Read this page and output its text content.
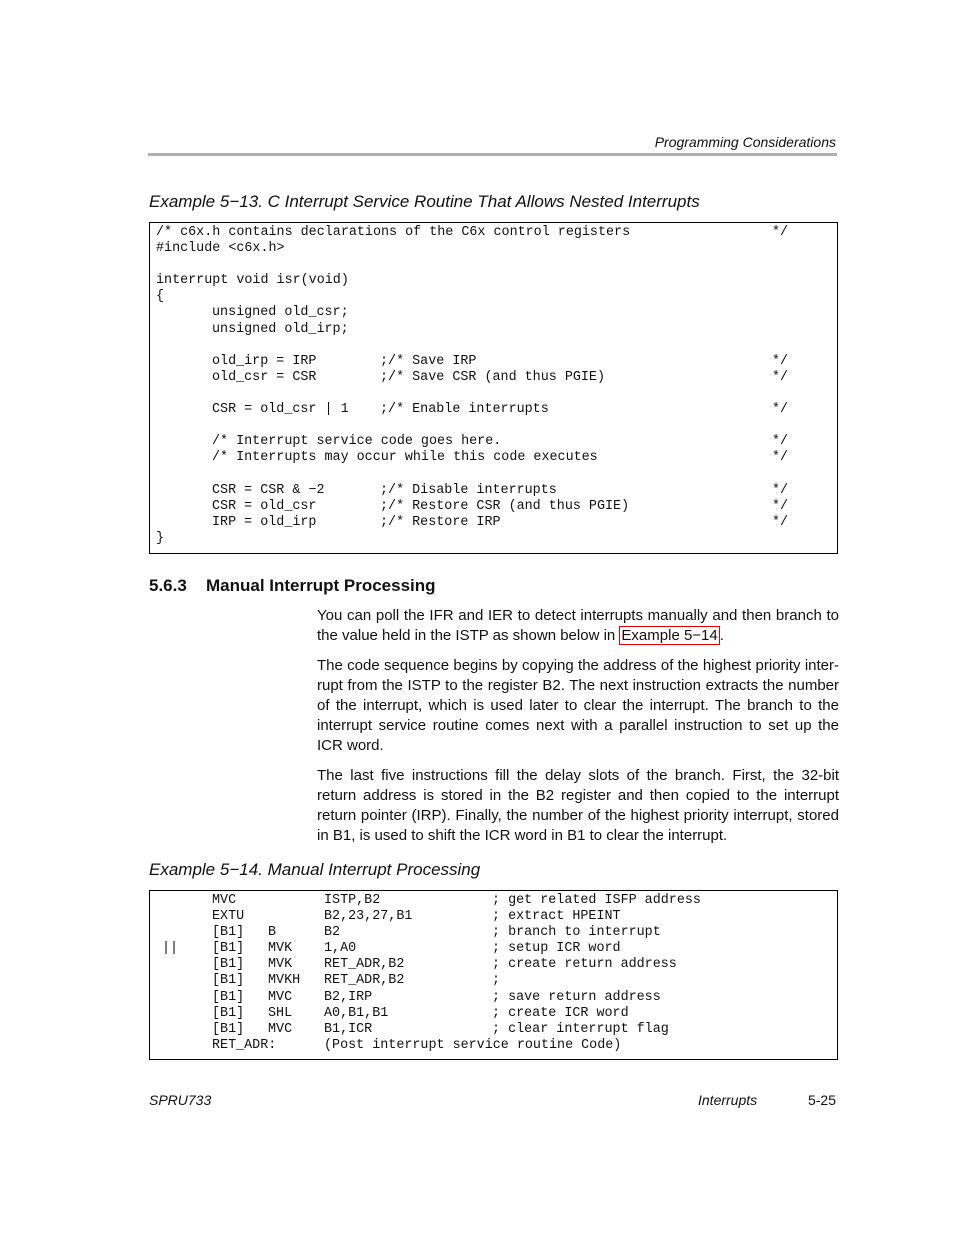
Programming Considerations
Example 5−13. C Interrupt Service Routine That Allows Nested Interrupts
/* c6x.h contains declarations of the C6x control registers	*/
#include <c6x.h>
interrupt void isr(void)
{
unsigned old_csr;
unsigned old_irp;
old_irp = IRP	;/* Save IRP	*/
old_csr = CSR	;/* Save CSR (and thus PGIE)	*/
CSR = old_csr | 1 ;/* Enable interrupts	*/
/* Interrupt service code goes here.	*/
/* Interrupts may occur while this code executes	*/
CSR = CSR & −2	;/* Disable interrupts	*/
CSR = old_csr	;/* Restore CSR (and thus PGIE)	*/
IRP = old_irp	;/* Restore IRP	*/
}
5.6.3 Manual Interrupt Processing

You can poll the IFR and IER to detect interrupts manually and then branch to the value held in the ISTP as shown below in Example 5−14 .

The code sequence begins by copying the address of the highest priority inter-rupt from the ISTP to the register B2. The next instruction extracts the number of the interrupt, which is used later to clear the interrupt. The branch to the interrupt service routine comes next with a parallel instruction to set up the ICR word.

The last five instructions fill the delay slots of the branch. First, the 32-bit return address is stored in the B2 register and then copied to the interrupt return pointer (IRP). Finally, the number of the highest priority interrupt, stored in B1, is used to shift the ICR word in B1 to clear the interrupt.

Example 5−14. Manual Interrupt Processing
MVC	ISTP,B2	; get related ISFP address
EXTU	B2,23,27,B1	; extract HPEINT
[B1] B	B2	; branch to interrupt
||	[B1] MVK 1,A0	; setup ICR word
[B1] MVK RET_ADR,B2	; create return address
[B1] MVKH RET_ADR,B2	;
[B1] MVC B2,IRP	; save return address
[B1] SHL A0,B1,B1	; create ICR word
[B1] MVC B1,ICR	; clear interrupt flag
RET_ADR:	(Post interrupt service routine Code)
SPRU733	Interrupts	5-25
